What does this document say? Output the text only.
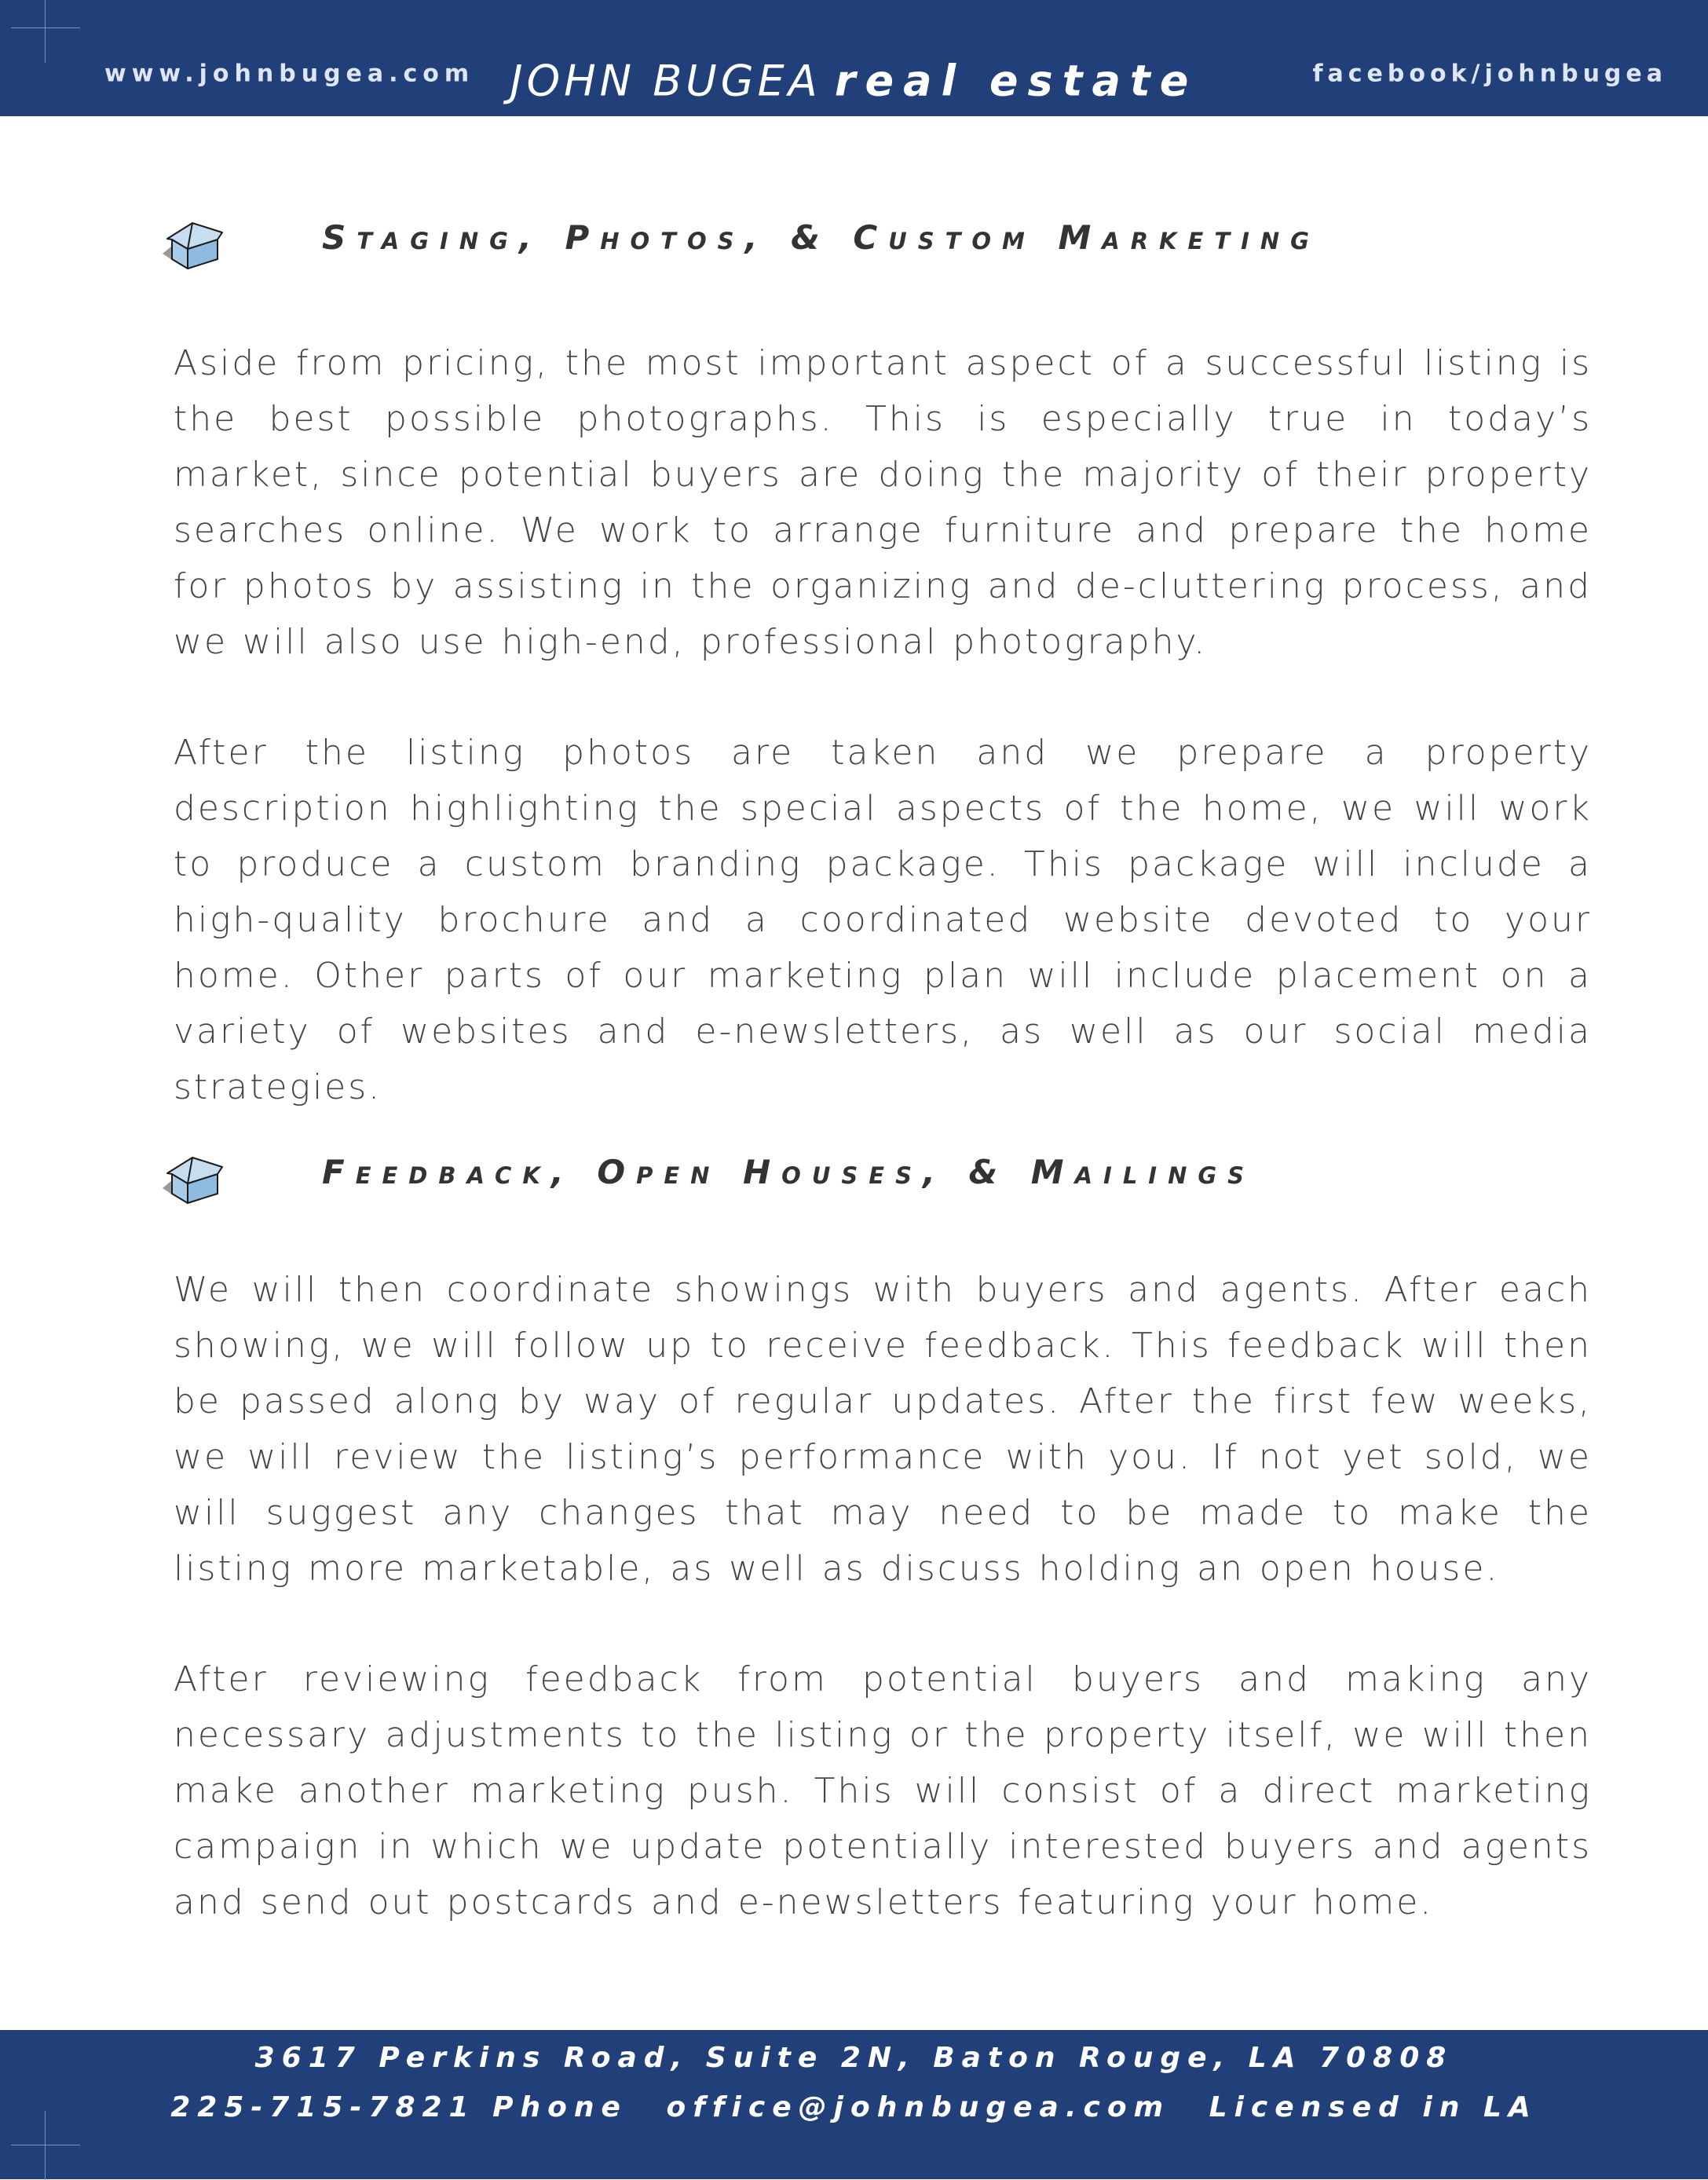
www.johnbugea.com JOHN BUGEA real estate	facebook/johnbugea
Staging, Photos, & Custom Marketing

Aside from pricing, the most important aspect of a successful listing is the best possible photographs. This is especially true in today’s market, since potential buyers are doing the majority of their property searches online. We work to arrange furniture and prepare the home for photos by assisting in the organizing and de-cluttering process, and we will also use high-end, professional photography.

After the listing photos are taken and we prepare a property description highlighting the special aspects of the home, we will work to produce a custom branding package. This package will include a high-quality brochure and a coordinated website devoted to your home. Other parts of our marketing plan will include placement on a variety of websites and e-newsletters, as well as our social media strategies.

Feedback, Open Houses, & Mailings

We will then coordinate showings with buyers and agents. After each showing, we will follow up to receive feedback. This feedback will then be passed along by way of regular updates. After the first few weeks, we will review the listing’s performance with you. If not yet sold, we will suggest any changes that may need to be made to make the listing more marketable, as well as discuss holding an open house.

After reviewing feedback from potential buyers and making any necessary adjustments to the listing or the property itself, we will then make another marketing push. This will consist of a direct marketing campaign in which we update potentially interested buyers and agents and send out postcards and e-newsletters featuring your home.

3617 Perkins Road, Suite 2N, Baton Rouge, LA 70808
225-715-7821 Phone office@johnbugea.com Licensed in LA
